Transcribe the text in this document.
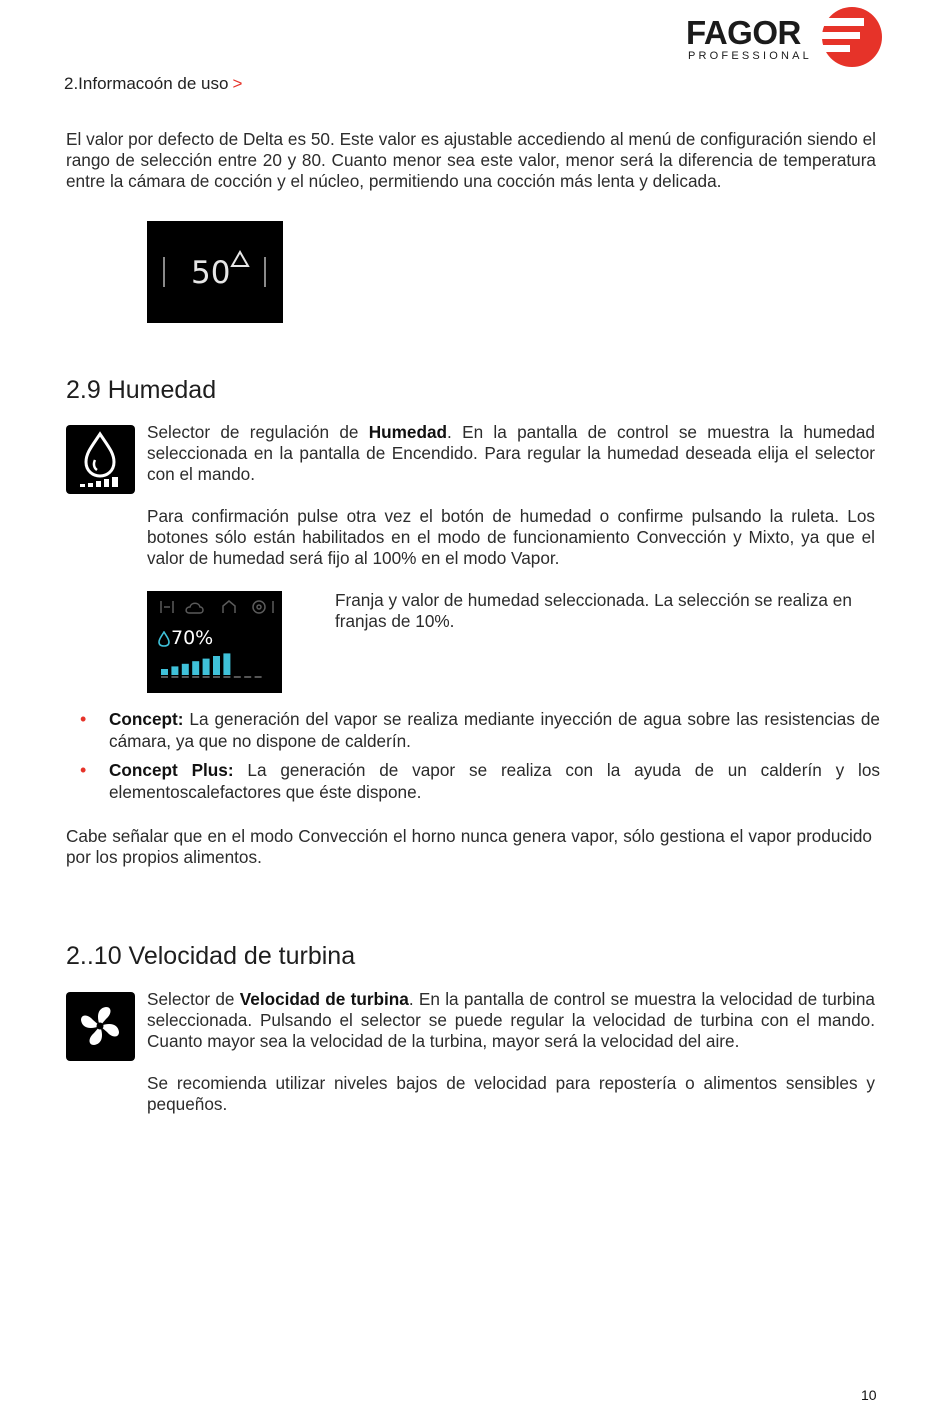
2.Informacoón de uso >
FAGOR
PROFESSIONAL

El valor por defecto de Delta es 50. Este valor es ajustable accediendo al menú de configuración siendo el rango de selección entre 20 y 80. Cuanto menor sea este valor, menor será la diferencia de temperatura entre la cámara de cocción y el núcleo, permitiendo una cocción más lenta y delicada.

50
2.9 Humedad

Selector de regulación de Humedad. En la pantalla de control se muestra la humedad seleccionada en la pantalla de Encendido. Para regular la humedad deseada elija el selector con el mando.

Para confirmación pulse otra vez el botón de humedad o confirme pulsando la ruleta. Los botones sólo están habilitados en el modo de funcionamiento Convección y Mixto, ya que el valor de humedad será fijo al 100% en el modo Vapor.

70%

Franja y valor de humedad seleccionada. La selección se realiza en franjas de 10%.

• Concept: La generación del vapor se realiza mediante inyección de agua sobre las resistencias de cámara, ya que no dispone de calderín.
• Concept Plus: La generación de vapor se realiza con la ayuda de un calderín y los elementoscalefactores que éste dispone.

Cabe señalar que en el modo Convección el horno nunca genera vapor, sólo gestiona el vapor producido por los propios alimentos.

2..10 Velocidad de turbina

Selector de Velocidad de turbina. En la pantalla de control se muestra la velocidad de turbina seleccionada. Pulsando el selector se puede regular la velocidad de turbina con el mando. Cuanto mayor sea la velocidad de la turbina, mayor será la velocidad del aire.

Se recomienda utilizar niveles bajos de velocidad para repostería o alimentos sensibles y pequeños.

10
